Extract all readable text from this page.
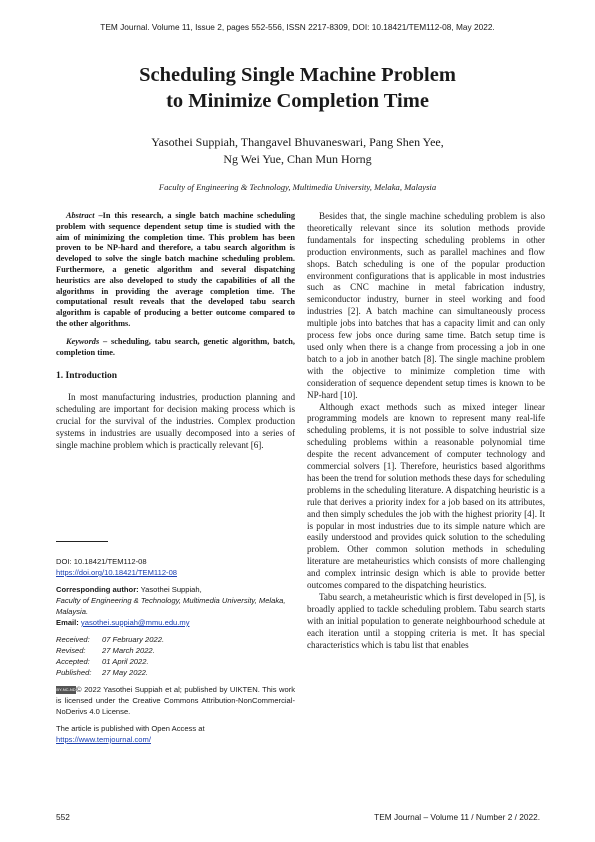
TEM Journal. Volume 11, Issue 2, pages 552-556, ISSN 2217-8309, DOI: 10.18421/TEM112-08, May 2022.
Scheduling Single Machine Problem
to Minimize Completion Time
Yasothei Suppiah, Thangavel Bhuvaneswari, Pang Shen Yee,
Ng Wei Yue, Chan Mun Horng
Faculty of Engineering & Technology, Multimedia University, Melaka, Malaysia

Abstract –In this research, a single batch machine scheduling problem with sequence dependent setup time is studied with the aim of minimizing the completion time. This problem has been proven to be NP-hard and therefore, a tabu search algorithm is developed to solve the single batch machine scheduling problem. Furthermore, a genetic algorithm and several dispatching heuristics are also developed to study the capabilities of all the algorithms in providing the average completion time. The computational result reveals that the developed tabu search algorithm is capable of producing a better outcome compared to the other algorithms.

Keywords – scheduling, tabu search, genetic algorithm, batch, completion time.

1. Introduction

In most manufacturing industries, production planning and scheduling are important for decision making process which is crucial for the survival of the industries. Complex production systems in industries are usually decomposed into a series of single machine problem which is practically relevant [6].

DOI: 10.18421/TEM112-08
https://doi.org/10.18421/TEM112-08
Corresponding author: Yasothei Suppiah,
Faculty of Engineering & Technology, Multimedia University, Melaka, Malaysia.
Email: yasothei.suppiah@mmu.edu.my
Received: 07 February 2022.
Revised: 27 March 2022.
Accepted: 01 April 2022.
Published: 27 May 2022.
BY-NC-ND© 2022 Yasothei Suppiah et al; published by UIKTEN. This work is licensed under the Creative Commons Attribution-NonCommercial-NoDerivs 4.0 License.
The article is published with Open Access at
https://www.temjournal.com/

Besides that, the single machine scheduling problem is also theoretically relevant since its solution methods provide fundamentals for inspecting scheduling problems in other production environments, such as parallel machines and flow shops. Batch scheduling is one of the popular production environment configurations that is applicable in most industries such as CNC machine in metal fabrication industry, semiconductor industry, burner in steel working and food industries [2]. A batch machine can simultaneously process multiple jobs into batches that has a capacity limit and can only process few jobs once during same time. Batch setup time is used only when there is a change from processing a job in one batch to a job in another batch [8]. The single machine problem with the objective to minimize completion time with consideration of sequence dependent setup times is known to be NP-hard [10].

Although exact methods such as mixed integer linear programming models are known to represent many real-life scheduling problems, it is not possible to solve industrial size scheduling problems within a reasonable polynomial time despite the recent advancement of computer technology and commercial solvers [1]. Therefore, heuristics based algorithms has been the trend for solution methods these days for scheduling problems in the scheduling literature. A dispatching heuristic is a rule that derives a priority index for a job based on its attributes, and then simply schedules the job with the highest priority [4]. It is popular in most industries due to its simple nature which are easily understood and provides quick solution to the scheduling problem. Other common solution methods in scheduling literature are metaheuristics which consists of more challenging and complex intrinsic design which is able to provide better outcomes compared to the dispatching heuristics.

Tabu search, a metaheuristic which is first developed in [5], is broadly applied to tackle scheduling problem. Tabu search starts with an initial population to generate neighbourhood schedule at each iteration until a stopping criteria is met. It has special characteristics which is tabu list that enables

552	TEM Journal – Volume 11 / Number 2 / 2022.
